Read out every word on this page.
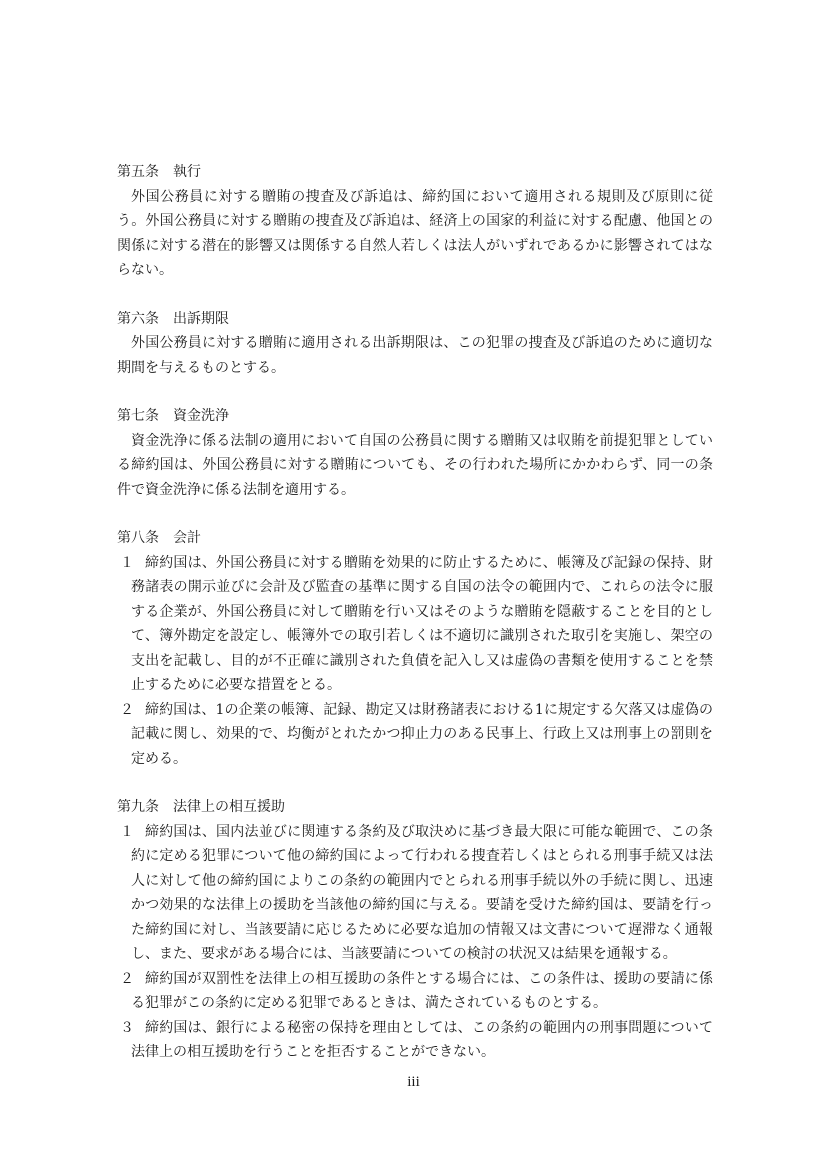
第五条 執行
外国公務員に対する贈賄の捜査及び訴追は、締約国において適用される規則及び原則に従う。外国公務員に対する贈賄の捜査及び訴追は、経済上の国家的利益に対する配慮、他国との関係に対する潜在的影響又は関係する自然人若しくは法人がいずれであるかに影響されてはならない。
第六条 出訴期限
外国公務員に対する贈賄に適用される出訴期限は、この犯罪の捜査及び訴追のために適切な期間を与えるものとする。
第七条 資金洗浄
資金洗浄に係る法制の適用において自国の公務員に関する贈賄又は収賄を前提犯罪としている締約国は、外国公務員に対する贈賄についても、その行われた場所にかかわらず、同一の条件で資金洗浄に係る法制を適用する。
第八条 会計
１ 締約国は、外国公務員に対する贈賄を効果的に防止するために、帳簿及び記録の保持、財務諸表の開示並びに会計及び監査の基準に関する自国の法令の範囲内で、これらの法令に服する企業が、外国公務員に対して贈賄を行い又はそのような贈賄を隠蔽することを目的として、簿外勘定を設定し、帳簿外での取引若しくは不適切に識別された取引を実施し、架空の支出を記載し、目的が不正確に識別された負債を記入し又は虚偽の書類を使用することを禁止するために必要な措置をとる。
２ 締約国は、1の企業の帳簿、記録、勘定又は財務諸表における1に規定する欠落又は虚偽の記載に関し、効果的で、均衡がとれたかつ抑止力のある民事上、行政上又は刑事上の罰則を定める。
第九条 法律上の相互援助
１ 締約国は、国内法並びに関連する条約及び取決めに基づき最大限に可能な範囲で、この条約に定める犯罪について他の締約国によって行われる捜査若しくはとられる刑事手続又は法人に対して他の締約国によりこの条約の範囲内でとられる刑事手続以外の手続に関し、迅速かつ効果的な法律上の援助を当該他の締約国に与える。要請を受けた締約国は、要請を行った締約国に対し、当該要請に応じるために必要な追加の情報又は文書について遅滞なく通報し、また、要求がある場合には、当該要請についての検討の状況又は結果を通報する。
２ 締約国が双罰性を法律上の相互援助の条件とする場合には、この条件は、援助の要請に係る犯罪がこの条約に定める犯罪であるときは、満たされているものとする。
３ 締約国は、銀行による秘密の保持を理由としては、この条約の範囲内の刑事問題について法律上の相互援助を行うことを拒否することができない。
iii
